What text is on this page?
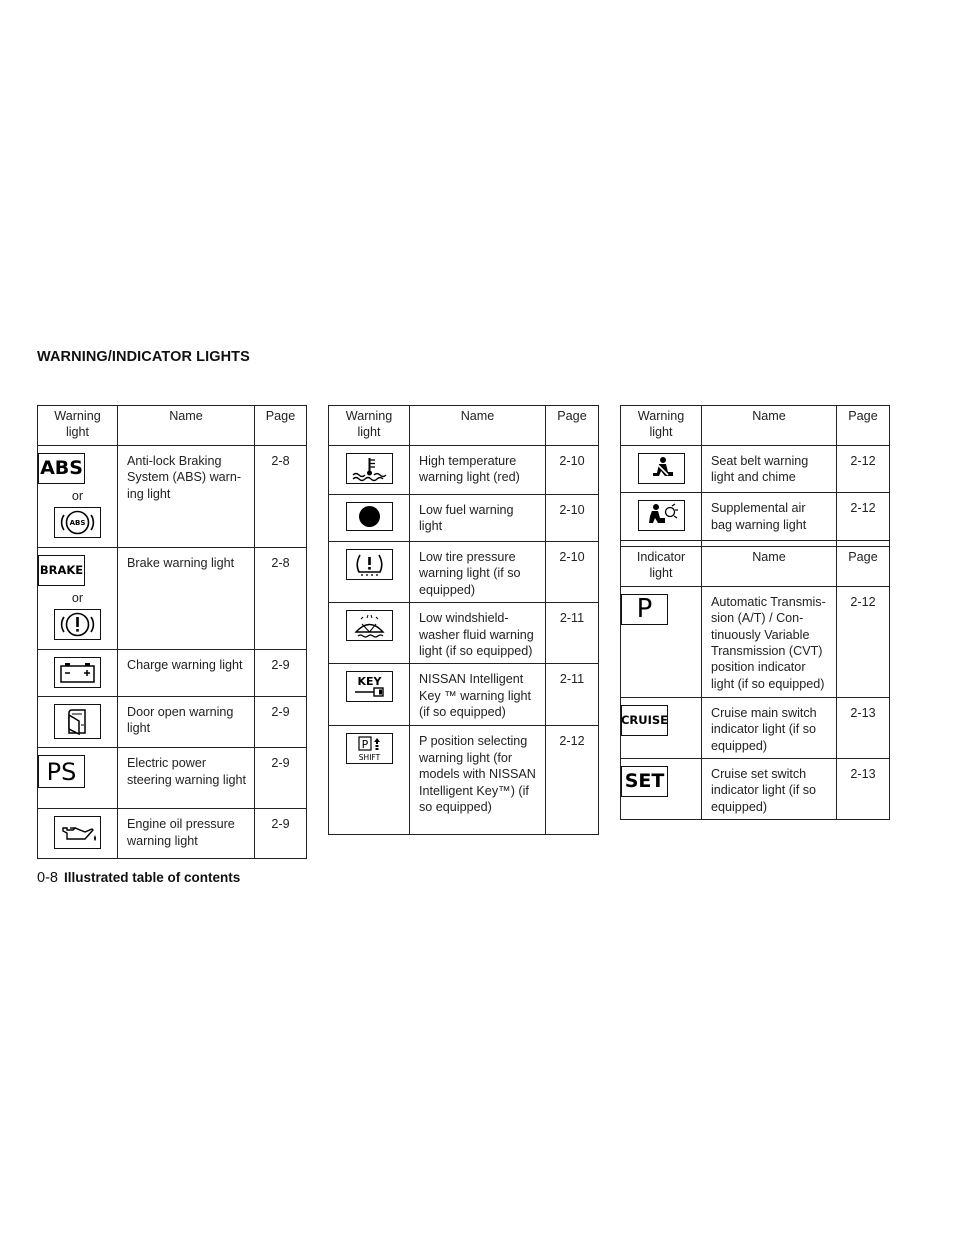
WARNING/INDICATOR LIGHTS
Warning light	Name	Page

ABS
or
ABS	Anti-lock Braking System (ABS) warn-ing light	2-8

BRAKE
or	Brake warning light	2-8

	Charge warning light	2-9

	Door open warning light	2-9

PS	Electric power steering warning light	2-9

	Engine oil pressure warning light	2-9
Warning light	Name	Page

	High temperature warning light (red)	2-10

	Low fuel warning light	2-10

	Low tire pressure warning light (if so equipped)	2-10

	Low windshield-washer fluid warning light (if so equipped)	2-11

KEY	NISSAN Intelligent Key ™ warning light (if so equipped)	2-11

P
SHIFT	P position selecting warning light (for models with NISSAN Intelligent Key™) (if so equipped)	2-12
Warning light	Name	Page

	Seat belt warning light and chime	2-12

	Supplemental air bag warning light	2-12

Indicator light	Name	Page

P	Automatic Transmis-sion (A/T) / Con-tinuously Variable Transmission (CVT) position indicator light (if so equipped)	2-12

CRUISE	Cruise main switch indicator light (if so equipped)	2-13

SET	Cruise set switch indicator light (if so equipped)	2-13
0-8 Illustrated table of contents
